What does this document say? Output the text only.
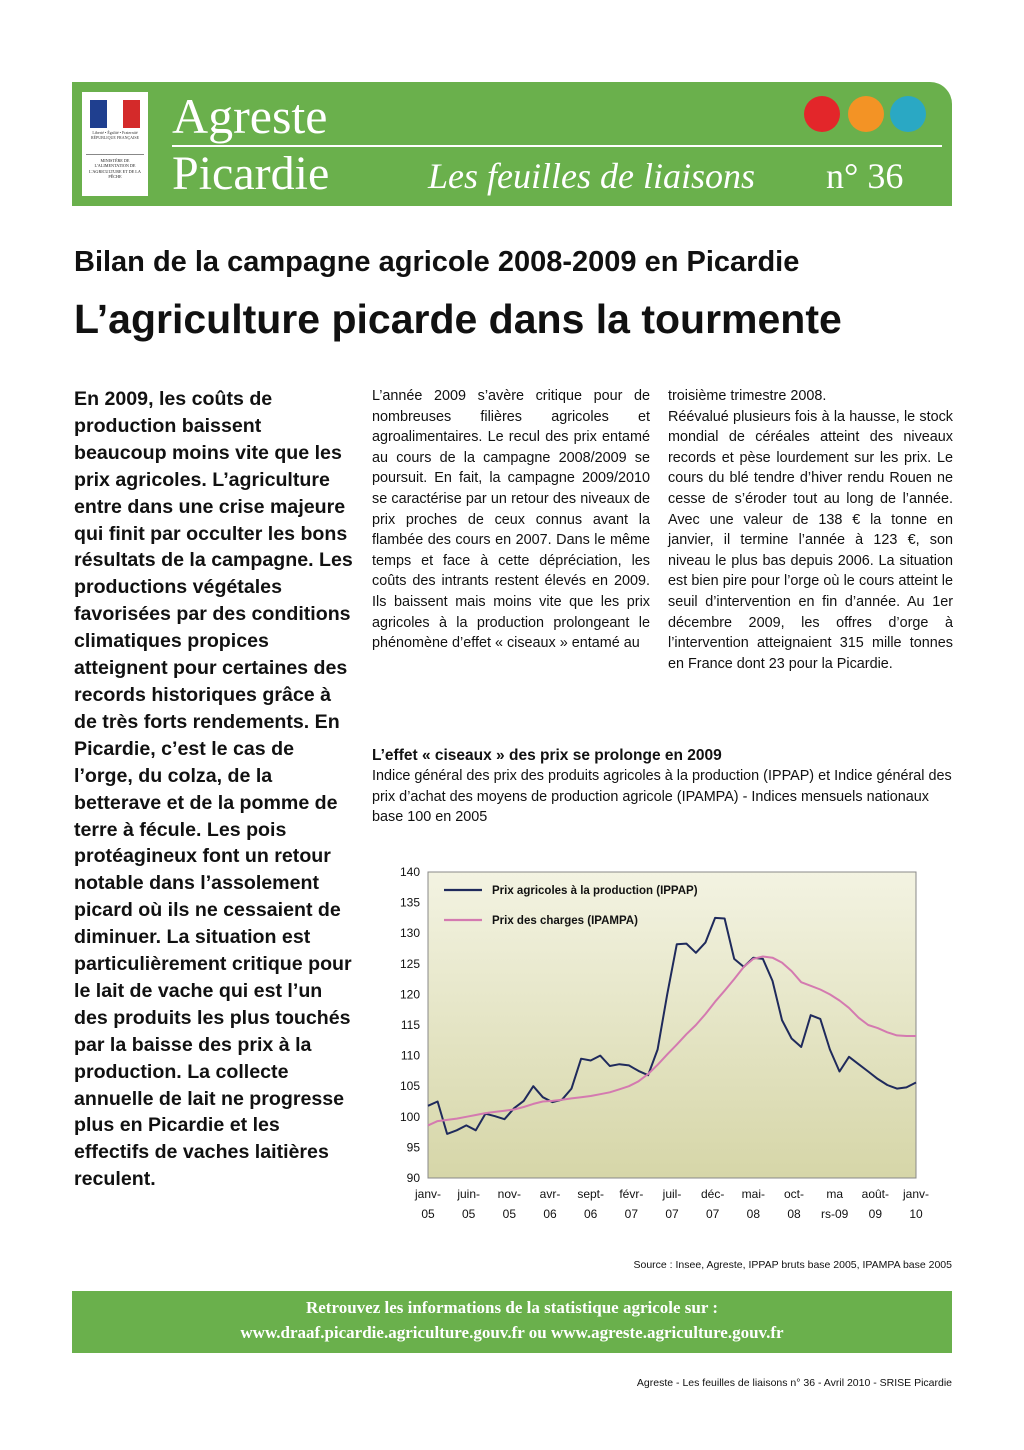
Liberté • Égalité • Fraternité RÉPUBLIQUE FRANÇAISE
MINISTÈRE DE L'ALIMENTATION DE L'AGRICULTURE ET DE LA PÊCHE
Agreste
Picardie	Les feuilles de liaisons n° 36
Bilan de la campagne agricole 2008-2009 en Picardie
L’agriculture picarde dans la tourmente
En 2009, les coûts de production baissent beaucoup moins vite que les prix agricoles. L’agriculture entre dans une crise majeure qui finit par occulter les bons résultats de la campagne. Les productions végétales favorisées par des conditions climatiques propices atteignent pour certaines des records historiques grâce à de très forts rendements. En Picardie, c’est le cas de l’orge, du colza, de la betterave et de la pomme de terre à fécule. Les pois protéagineux font un retour notable dans l’assolement picard où ils ne cessaient de diminuer. La situation est particulièrement critique pour le lait de vache qui est l’un des produits les plus touchés par la baisse des prix à la production. La collecte annuelle de lait ne progresse plus en Picardie et les effectifs de vaches laitières reculent.
L’année 2009 s’avère critique pour de nombreuses filières agricoles et agroalimentaires. Le recul des prix entamé au cours de la campagne 2008/2009 se poursuit. En fait, la campagne 2009/2010 se caractérise par un retour des niveaux de prix proches de ceux connus avant la flambée des cours en 2007. Dans le même temps et face à cette dépréciation, les coûts des intrants restent élevés en 2009. Ils baissent mais moins vite que les prix agricoles à la production prolongeant le phénomène d’effet « ciseaux » entamé au
troisième trimestre 2008.
Réévalué plusieurs fois à la hausse, le stock mondial de céréales atteint des niveaux records et pèse lourdement sur les prix. Le cours du blé tendre d’hiver rendu Rouen ne cesse de s’éroder tout au long de l’année. Avec une valeur de 138 € la tonne en janvier, il termine l’année à 123 €, son niveau le plus bas depuis 2006. La situation est bien pire pour l’orge où le cours atteint le seuil d’intervention en fin d’année. Au 1er décembre 2009, les offres d’orge à l’intervention atteignaient 315 mille tonnes en France dont 23 pour la Picardie.
L’effet « ciseaux » des prix se prolonge en 2009
Indice général des prix des produits agricoles à la production (IPPAP) et Indice général des prix d’achat des moyens de production agricole (IPAMPA) - Indices mensuels nationaux base 100 en 2005
90
95
100
105
110
115
120
125
130
135
140
janv-
05
juin-
05
nov-
05
avr-
06
sept-
06
févr-
07
juil-
07
déc-
07
mai-
08
oct-
08
ma
rs-09
août-
09
janv-
10
Prix agricoles à la production (IPPAP)
Prix des charges (IPAMPA)
Source : Insee, Agreste, IPPAP bruts base 2005, IPAMPA base 2005
Retrouvez les informations de la statistique agricole sur :
www.draaf.picardie.agriculture.gouv.fr ou www.agreste.agriculture.gouv.fr
Agreste - Les feuilles de liaisons n° 36 - Avril 2010 - SRISE Picardie
